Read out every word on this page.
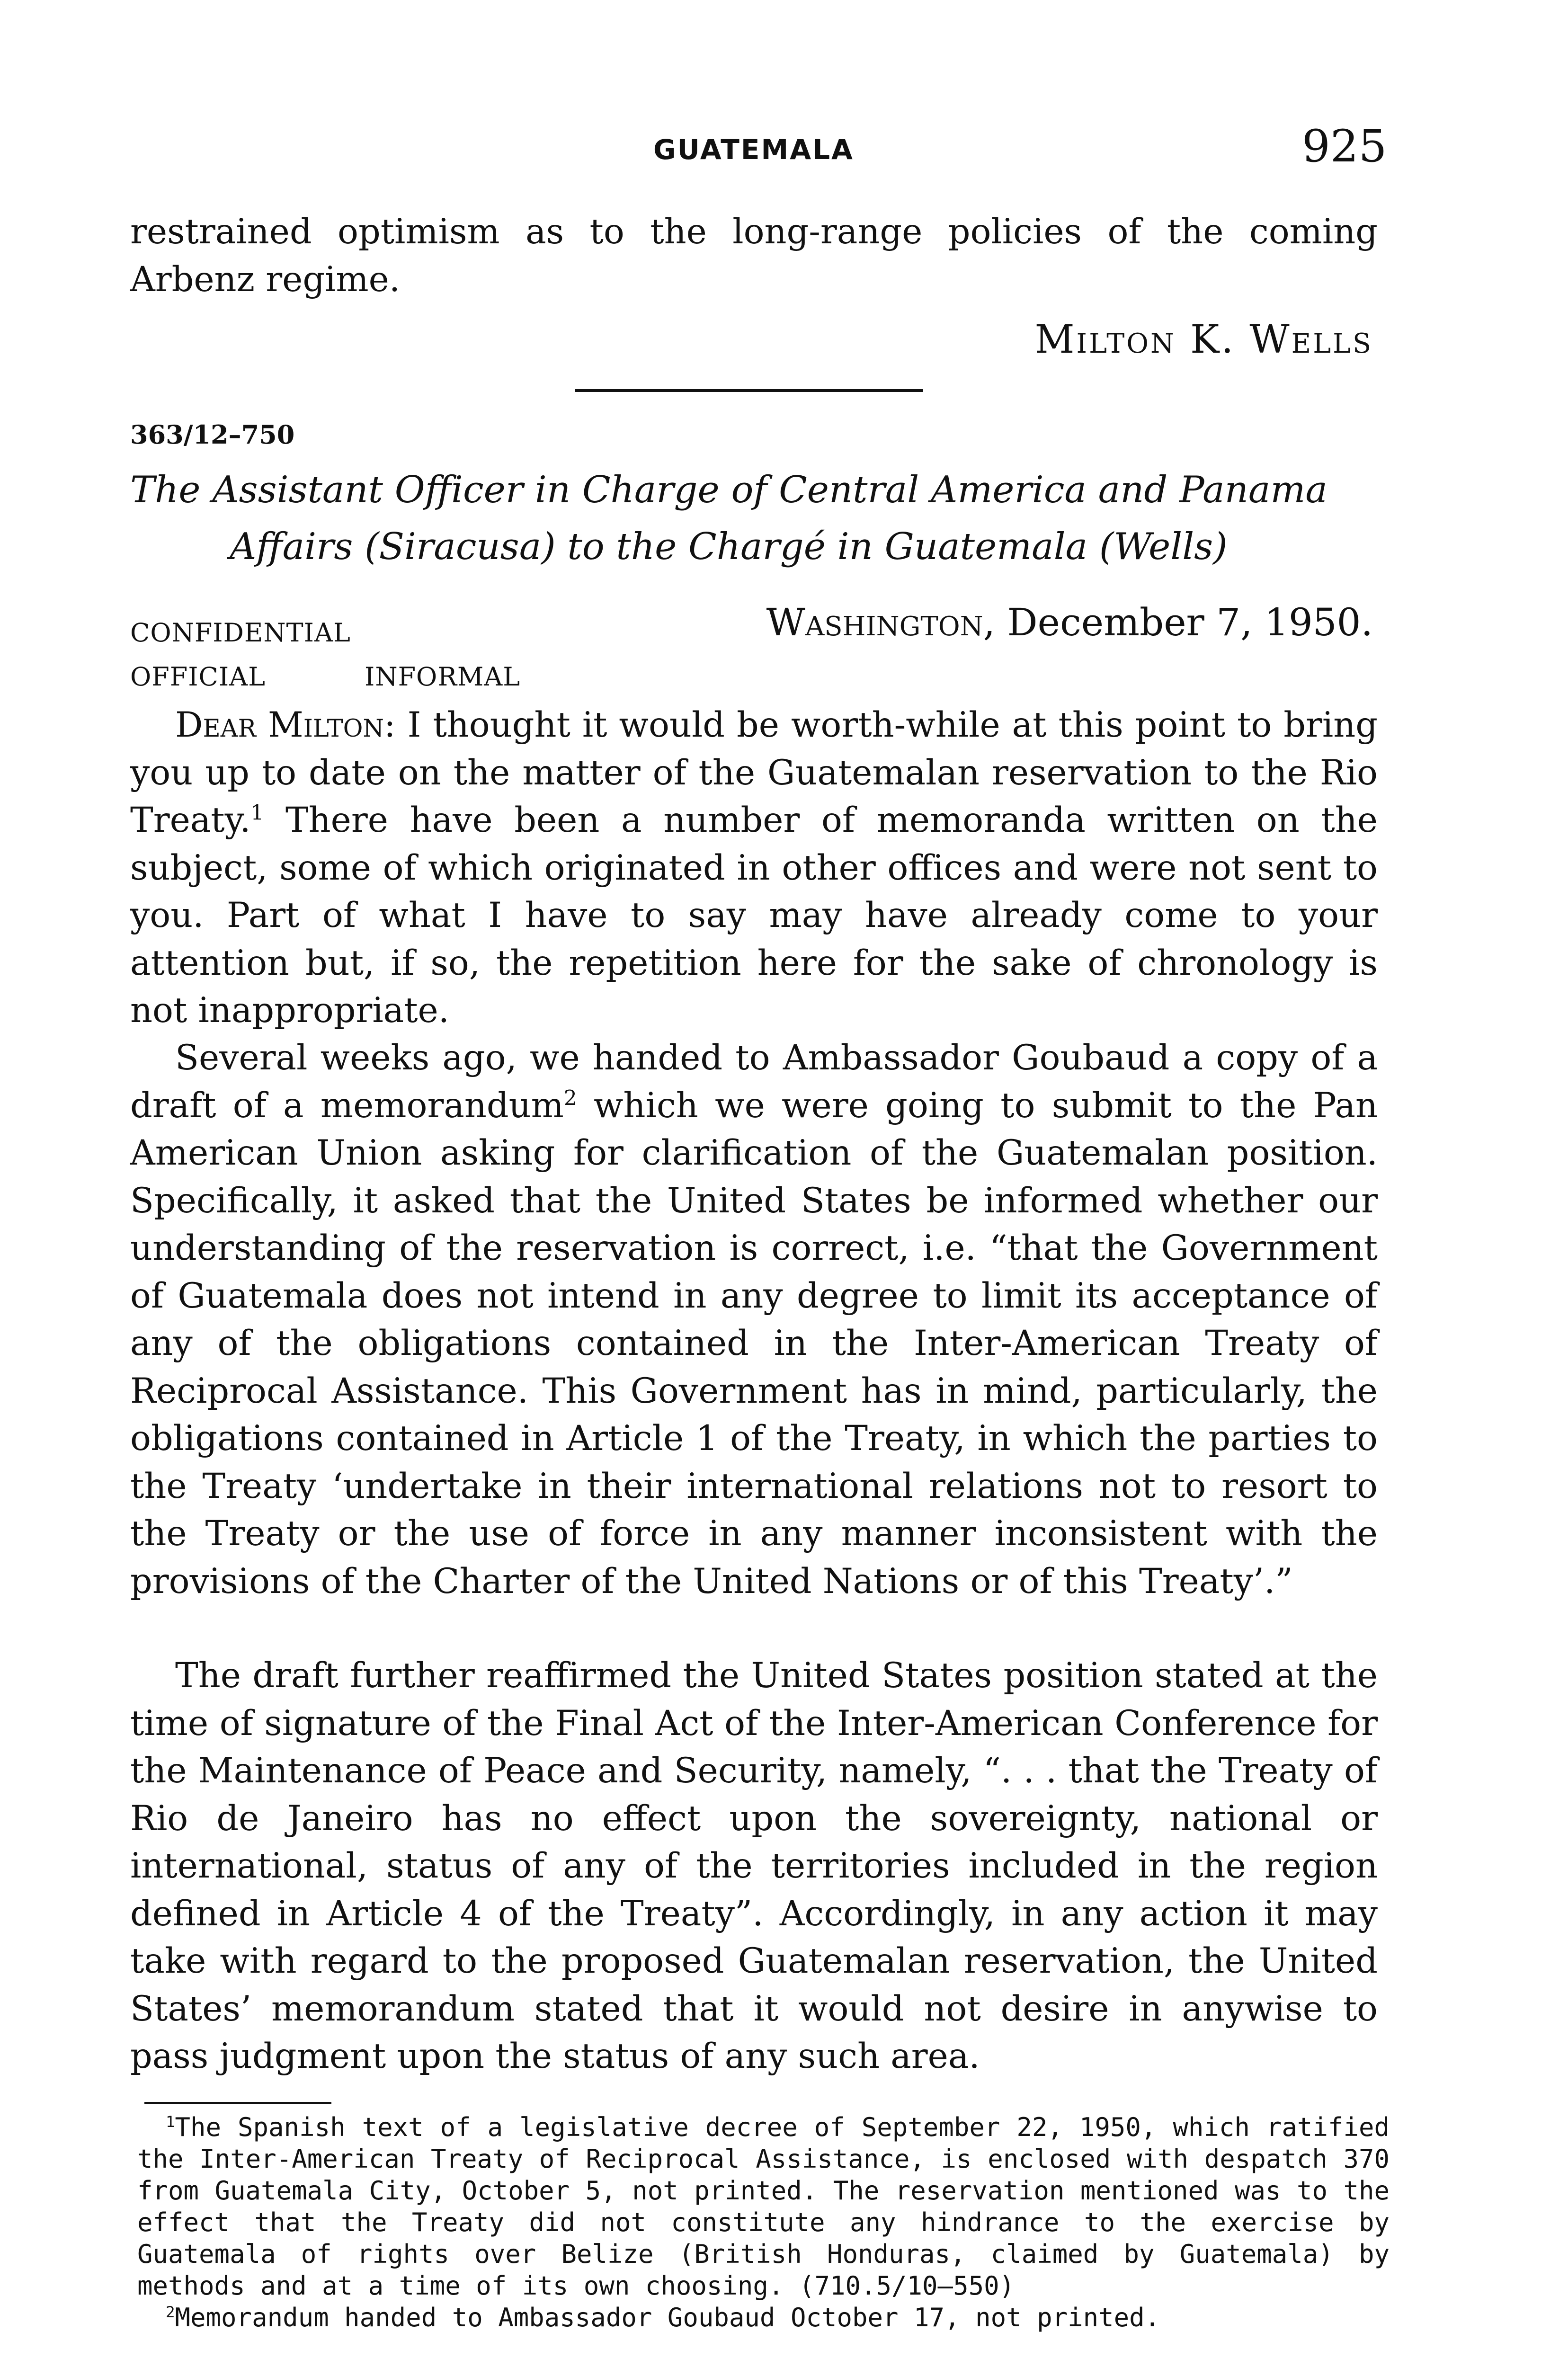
GUATEMALA	925

restrained optimism as to the long-range policies of the coming Arbenz regime.

Milton K. Wells
363/12–750
The Assistant Officer in Charge of Central America and Panama
Affairs (Siracusa) to the Chargé in Guatemala (Wells)
CONFIDENTIAL	Washington, December 7, 1950.
OFFICIAL	INFORMAL

Dear Milton: I thought it would be worth-while at this point to bring you up to date on the matter of the Guatemalan reservation to the Rio Treaty.$^1$ There have been a number of memoranda written on the subject, some of which originated in other offices and were not sent to you. Part of what I have to say may have already come to your attention but, if so, the repetition here for the sake of chronology is not inappropriate.

Several weeks ago, we handed to Ambassador Goubaud a copy of a draft of a memorandum$^2$ which we were going to submit to the Pan American Union asking for clarification of the Guatemalan position. Specifically, it asked that the United States be informed whether our understanding of the reservation is correct, i.e. “that the Government of Guatemala does not intend in any degree to limit its acceptance of any of the obligations contained in the Inter-American Treaty of Reciprocal Assistance. This Government has in mind, particularly, the obligations contained in Article 1 of the Treaty, in which the parties to the Treaty ‘undertake in their international relations not to resort to the Treaty or the use of force in any manner inconsistent with the provisions of the Charter of the United Nations or of this Treaty’.”

The draft further reaffirmed the United States position stated at the time of signature of the Final Act of the Inter-American Conference for the Maintenance of Peace and Security, namely, “. . . that the Treaty of Rio de Janeiro has no effect upon the sovereignty, national or international, status of any of the territories included in the region defined in Article 4 of the Treaty”. Accordingly, in any action it may take with regard to the proposed Guatemalan reservation, the United States’ memorandum stated that it would not desire in anywise to pass judgment upon the status of any such area.

$^1$The Spanish text of a legislative decree of September 22, 1950, which ratified the Inter-American Treaty of Reciprocal Assistance, is enclosed with despatch 370 from Guatemala City, October 5, not printed. The reservation mentioned was to the effect that the Treaty did not constitute any hindrance to the exercise by Guatemala of rights over Belize (British Honduras, claimed by Guatemala) by methods and at a time of its own choosing. (710.5/10–550)

$^2$Memorandum handed to Ambassador Goubaud October 17, not printed.
